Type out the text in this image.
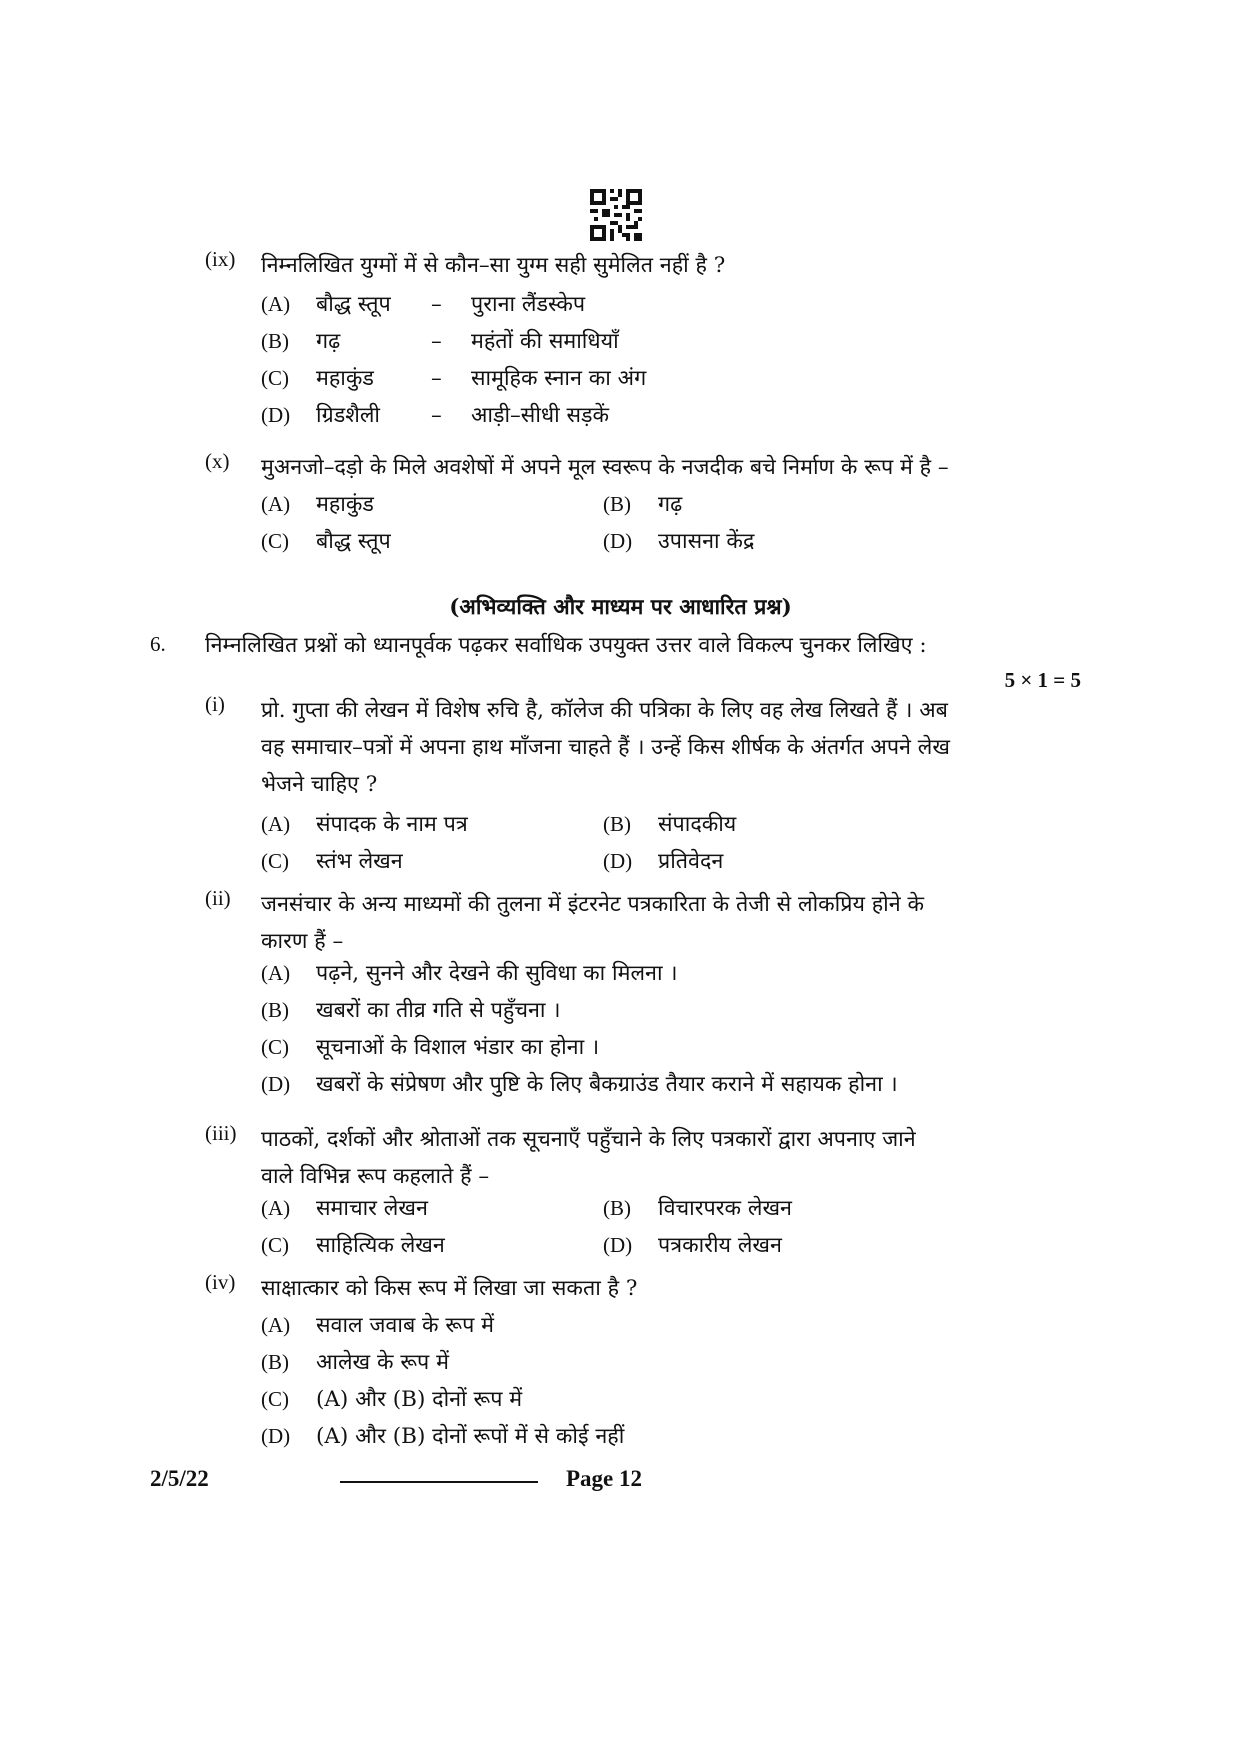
(ix)	निम्नलिखित युग्मों में से कौन–सा युग्म सही सुमेलित नहीं है ?
(A) बौद्ध स्तूप – पुराना लैंडस्केप
(B) गढ़	– महंतों की समाधियाँ
(C) महाकुंड	– सामूहिक स्नान का अंग
(D) ग्रिडशैली – आड़ी–सीधी सड़कें
(x)	मुअनजो–दड़ो के मिले अवशेषों में अपने मूल स्वरूप के नजदीक बचे निर्माण के रूप में है –
(A) महाकुंड	(B) गढ़
(C) बौद्ध स्तूप	(D) उपासना केंद्र
(अभिव्यक्ति और माध्यम पर आधारित प्रश्न)
6. निम्नलिखित प्रश्नों को ध्यानपूर्वक पढ़कर सर्वाधिक उपयुक्त उत्तर वाले विकल्प चुनकर लिखिए :
5 × 1 = 5
(i)	प्रो. गुप्ता की लेखन में विशेष रुचि है, कॉलेज की पत्रिका के लिए वह लेख लिखते हैं । अब
वह समाचार–पत्रों में अपना हाथ माँजना चाहते हैं । उन्हें किस शीर्षक के अंतर्गत अपने लेख
भेजने चाहिए ?
(A) संपादक के नाम पत्र	(B) संपादकीय
(C) स्तंभ लेखन	(D) प्रतिवेदन
(ii)	जनसंचार के अन्य माध्यमों की तुलना में इंटरनेट पत्रकारिता के तेजी से लोकप्रिय होने के
कारण हैं –
(A) पढ़ने, सुनने और देखने की सुविधा का मिलना ।
(B) खबरों का तीव्र गति से पहुँचना ।
(C) सूचनाओं के विशाल भंडार का होना ।
(D) खबरों के संप्रेषण और पुष्टि के लिए बैकग्राउंड तैयार कराने में सहायक होना ।
(iii)	पाठकों, दर्शकों और श्रोताओं तक सूचनाएँ पहुँचाने के लिए पत्रकारों द्वारा अपनाए जाने
वाले विभिन्न रूप कहलाते हैं –
(A) समाचार लेखन	(B) विचारपरक लेखन
(C) साहित्यिक लेखन	(D) पत्रकारीय लेखन
(iv)	साक्षात्कार को किस रूप में लिखा जा सकता है ?
(A) सवाल जवाब के रूप में
(B) आलेख के रूप में
(C) (A) और (B) दोनों रूप में
(D) (A) और (B) दोनों रूपों में से कोई नहीं
2/5/22	Page 12
